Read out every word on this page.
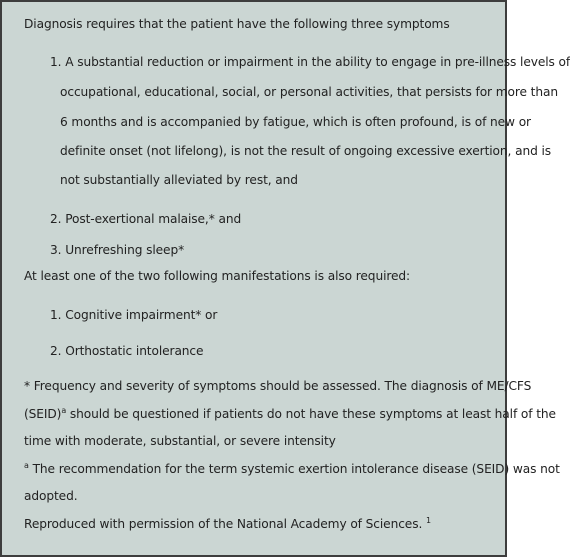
Diagnosis requires that the patient have the following three symptoms
1. A substantial reduction or impairment in the ability to engage in pre-illness levels of
occupational, educational, social, or personal activities, that persists for more than
6 months and is accompanied by fatigue, which is often profound, is of new or
definite onset (not lifelong), is not the result of ongoing excessive exertion, and is
not substantially alleviated by rest, and
2. Post-exertional malaise,* and
3. Unrefreshing sleep*
At least one of the two following manifestations is also required:
1. Cognitive impairment* or
2. Orthostatic intolerance
* Frequency and severity of symptoms should be assessed. The diagnosis of ME/CFS
(SEID)$^a$ should be questioned if patients do not have these symptoms at least half of the
time with moderate, substantial, or severe intensity
$^a$ The recommendation for the term systemic exertion intolerance disease (SEID) was not
adopted.
Reproduced with permission of the National Academy of Sciences. $^1$
